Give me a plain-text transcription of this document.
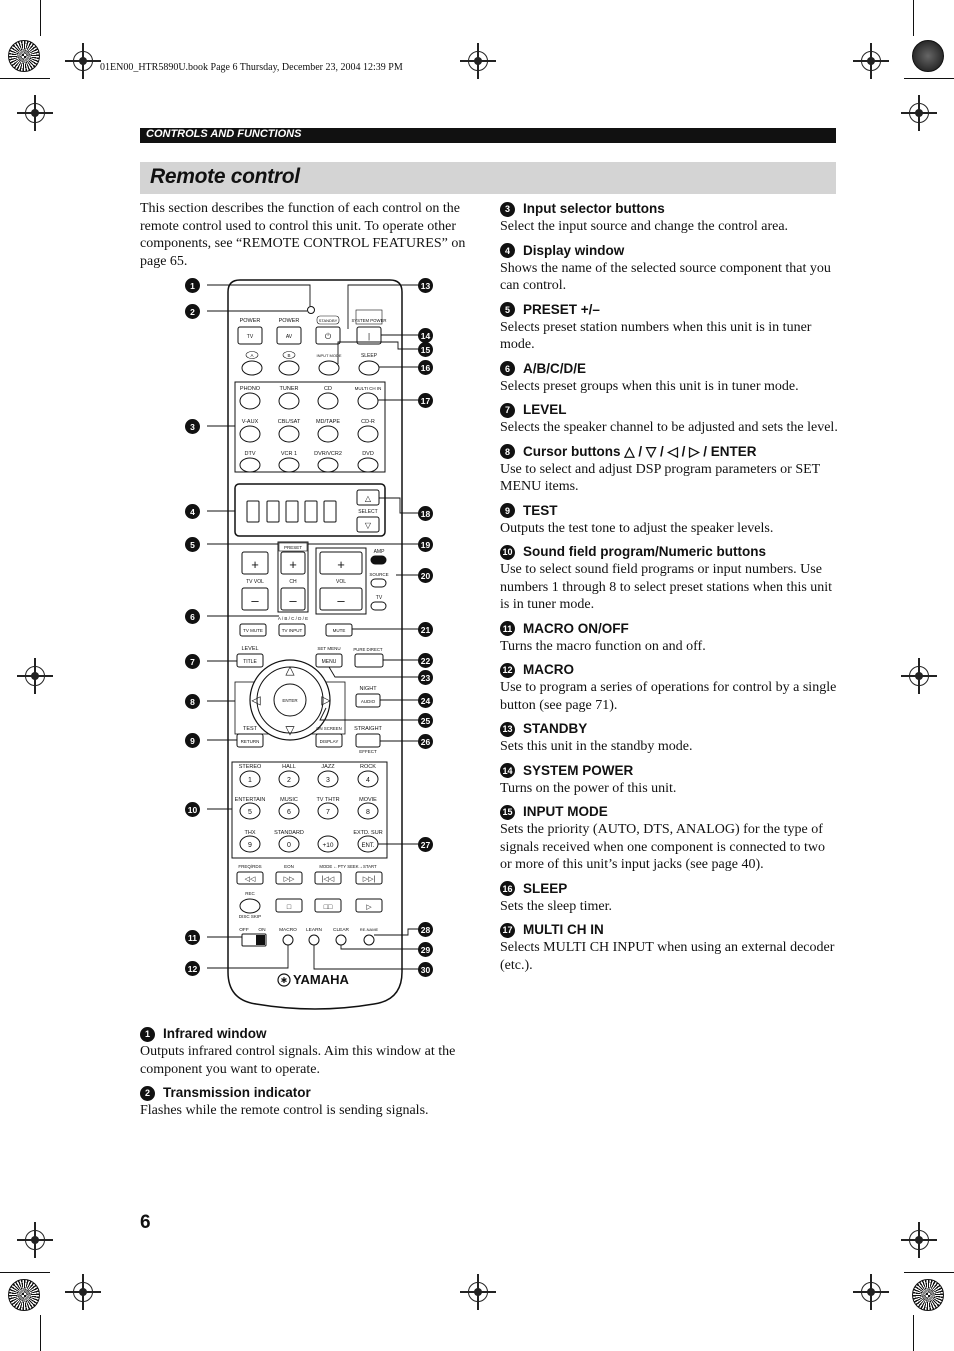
01EN00_HTR5890U.book Page 6 Thursday, December 23, 2004 12:39 PM
CONTROLS AND FUNCTIONS
Remote control

This section describes the function of each control on the remote control used to control this unit. To operate other components, see “REMOTE CONTROL FEATURES” on page 65.

POWER	POWER	STANDBY	SYSTEM POWER
TV	AV	⏻	|
A	B	INPUT MODE	SLEEP
PHONO	TUNER	CD	MULTI CH IN
V-AUX	CBL/SAT	MD/TAPE	CD-R
DTV	VCR 1	DVR/VCR2	DVD
△
SELECT
▽
+
TV VOL
–
PRESET
+
CH
–
+
VOL
–
AMP
SOURCE
TV
A / B / C / D / E
TV MUTE	TV INPUT	MUTE
LEVEL	SET MENU	PURE DIRECT
TITLE	MENU
ENTER
△
▽
◁	▷
NIGHT
AUDIO
TEST	ON SCREEN STRAIGHT
EFFECT
RETURN	DISPLAY
STEREO	HALL	JAZZ	ROCK
ENTERTAIN	MUSIC	TV THTR	MOVIE
THX	STANDARD	EXTD. SUR
1	2	3	4
5	6	7	8
9	0	+10	ENT.
FREQ/RDS	EON	MODE ←PTY SEEK→START
REC
DISC SKIP
◁◁	▷▷	|◁◁	▷▷|
□	□□	▷
OFF ON	MACRO LEARN CLEAR	RE-NAME
✱ YAMAHA
1
2
3
4
5
6
7
8
9
10
11
12
13
14
15
16
17
18
19
20
21
22
23
24
25
26
27
28
29
30
1 Infrared window

Outputs infrared control signals. Aim this window at the component you want to operate.

2 Transmission indicator

Flashes while the remote control is sending signals.

3 Input selector buttons

Select the input source and change the control area.

4 Display window

Shows the name of the selected source component that you can control.

5 PRESET +/–

Selects preset station numbers when this unit is in tuner mode.

6 A/B/C/D/E

Selects preset groups when this unit is in tuner mode.

7 LEVEL

Selects the speaker channel to be adjusted and sets the level.

8 Cursor buttons △ / ▽ / ◁ / ▷ / ENTER

Use to select and adjust DSP program parameters or SET MENU items.

9 TEST

Outputs the test tone to adjust the speaker levels.

10 Sound field program/Numeric buttons

Use to select sound field programs or input numbers. Use numbers 1 through 8 to select preset stations when this unit is in tuner mode.

11 MACRO ON/OFF

Turns the macro function on and off.

12 MACRO

Use to program a series of operations for control by a single button (see page 71).

13 STANDBY

Sets this unit in the standby mode.

14 SYSTEM POWER

Turns on the power of this unit.

15 INPUT MODE

Sets the priority (AUTO, DTS, ANALOG) for the type of signals received when one component is connected to two or more of this unit’s input jacks (see page 40).

16 SLEEP

Sets the sleep timer.

17 MULTI CH IN

Selects MULTI CH INPUT when using an external decoder (etc.).

6
